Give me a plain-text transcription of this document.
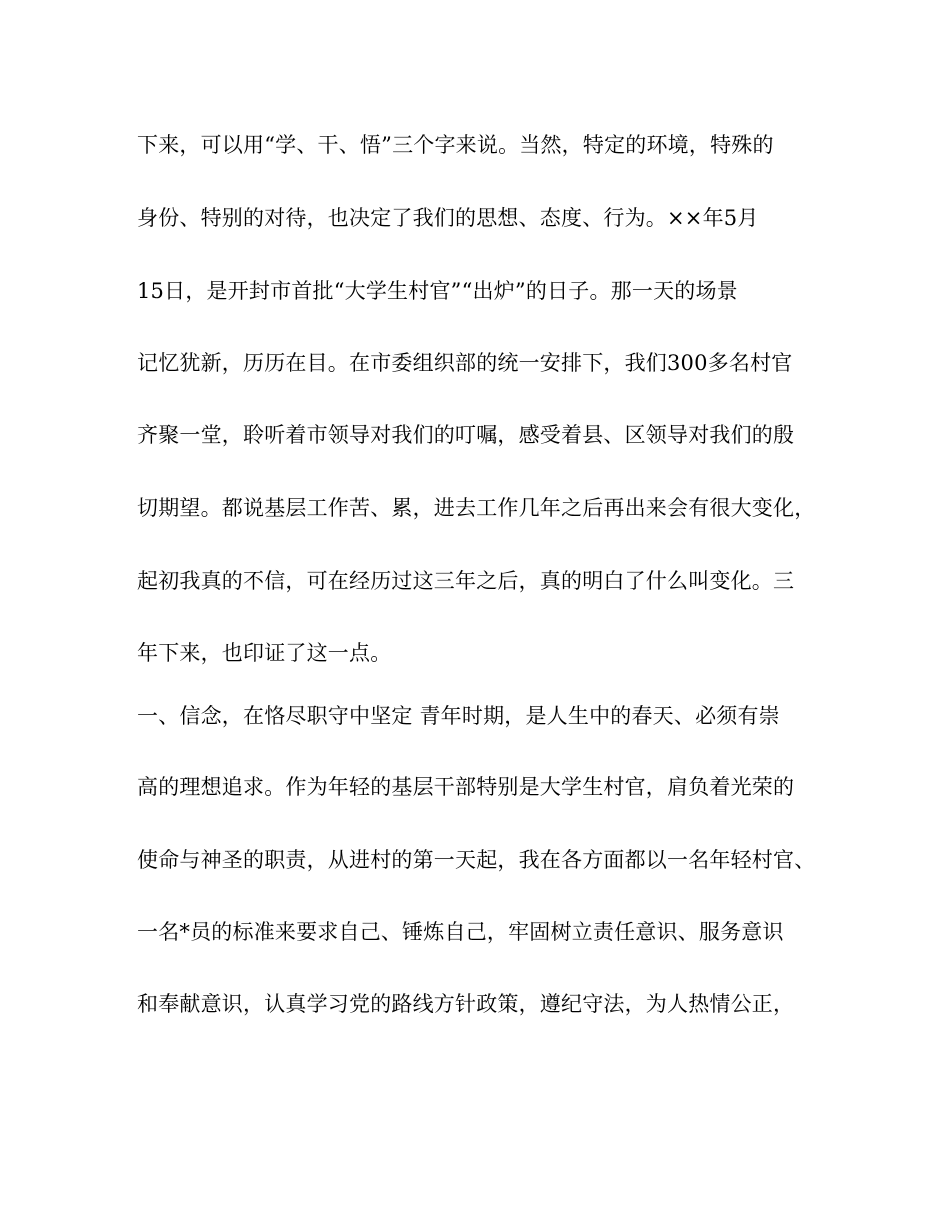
下来，可以用“学、干、悟”三个字来说。当然，特定的环境，特殊的
身份、特别的对待，也决定了我们的思想、态度、行为。××年5月
15日，是开封市首批“大学生村官”“出炉”的日子。那一天的场景
记忆犹新，历历在目。在市委组织部的统一安排下，我们300多名村官
齐聚一堂，聆听着市领导对我们的叮嘱，感受着县、区领导对我们的殷
切期望。都说基层工作苦、累，进去工作几年之后再出来会有很大变化，
起初我真的不信，可在经历过这三年之后，真的明白了什么叫变化。三
年下来，也印证了这一点。
一、信念，在恪尽职守中坚定 青年时期，是人生中的春天、必须有崇
高的理想追求。作为年轻的基层干部特别是大学生村官，肩负着光荣的
使命与神圣的职责，从进村的第一天起，我在各方面都以一名年轻村官、
一名*员的标准来要求自己、锤炼自己，牢固树立责任意识、服务意识
和奉献意识，认真学习党的路线方针政策，遵纪守法，为人热情公正，
